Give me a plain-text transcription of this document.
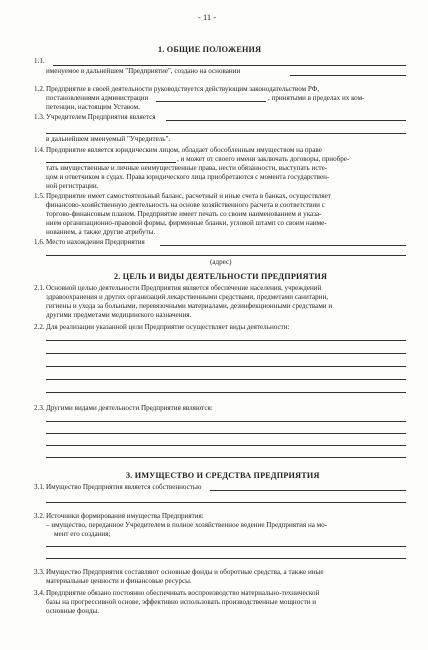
- 11 -
1. ОБЩИЕ ПОЛОЖЕНИЯ
1.1.
именуемое в дальнейшем "Предприятие", создано на основании
1.2. Предприятие в своей деятельности руководствуется действующим законодательством РФ,
постановлениями администрации	, принятыми в пределах их ком-
петенции, настоящим Уставом.
1.3. Учредителем Предприятия является
в дальнейшем именуемый "Учредитель".
1.4. Предприятие является юридическим лицом, обладает обособленным имуществом на праве
, и может от своего имени заключать договоры, приобре-
тать имущественные и личные неимущественные права, нести обязанности, выступать исте-
цом и ответчиком в судах. Права юридического лица приобретаются с момента государствен-
ной регистрации.
1.5. Предприятие имеет самостоятельный баланс, расчетный и иные счета в банках, осуществляет
финансово-хозяйственную деятельность на основе хозяйственного расчета в соответствии с
торгово-финансовым планом. Предприятие имеет печать со своим наименованием и указа-
нием организационно-правовой формы, фирменные бланки, угловой штамп со своим наиме-
нованием, а также другие атрибуты.
1.6. Место нахождения Предприятия
(адрес)
2. ЦЕЛЬ И ВИДЫ ДЕЯТЕЛЬНОСТИ ПРЕДПРИЯТИЯ
2.1. Основной целью деятельности Предприятия является обеспечение населения, учреждений
здравоохранения и других организаций лекарственными средствами, предметами санитарии,
гигиены и ухода за больными, перевязочными материалами, дезинфекционными средствами и
другими предметами медицинского назначения.
2.2. Для реализации указанной цели Предприятие осуществляет виды деятельности:
2.3. Другими видами деятельности Предприятия являются:
3. ИМУЩЕСТВО И СРЕДСТВА ПРЕДПРИЯТИЯ
3.1. Имущество Предприятия является собственностью
3.2. Источники формирования имущества Предприятия:
– имущество, переданное Учредителем в полное хозяйственное ведение Предприятия на мо-
мент его создания;
3.3. Имущество Предприятия составляют основные фонды и оборотные средства, а также иные
материальные ценности и финансовые ресурсы.
3.4. Предприятие обязано постоянно обеспечивать воспроизводство материально-технической
базы на прогрессивной основе, эффективно использовать производственные мощности и
основные фонды.
